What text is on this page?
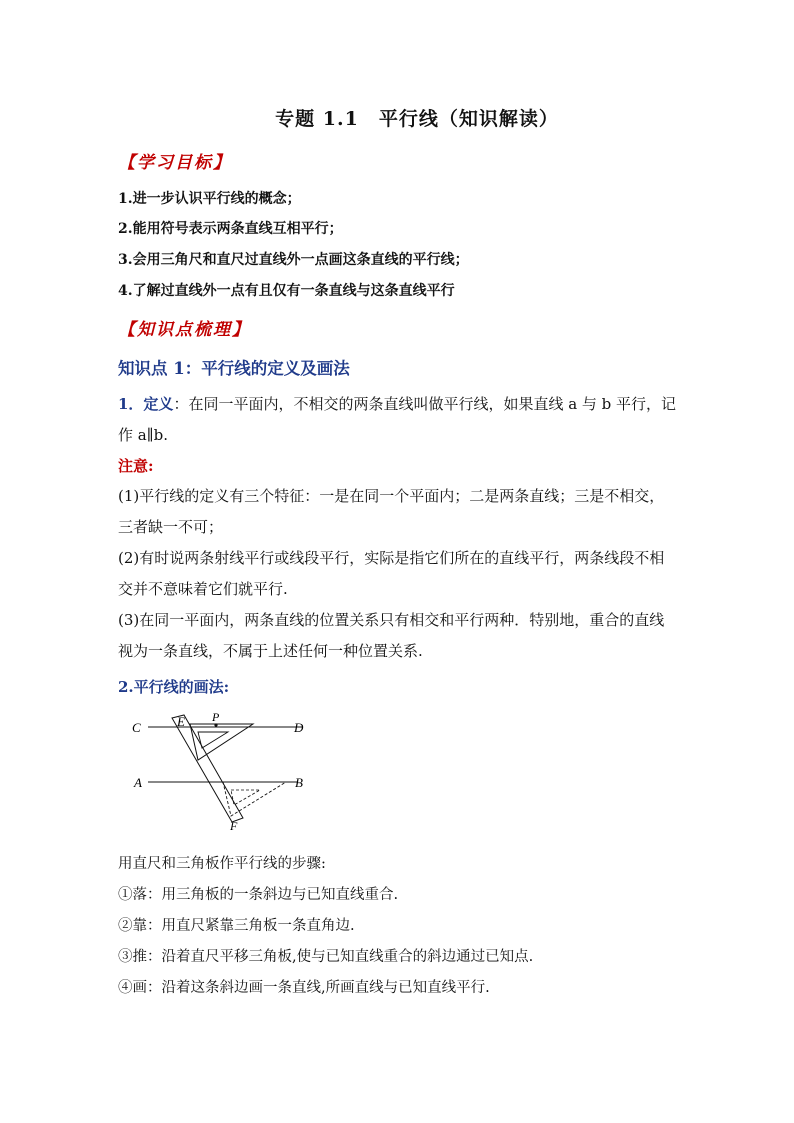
专题 1.1　平行线（知识解读）
【学习目标】
1.进一步认识平行线的概念；
2.能用符号表示两条直线互相平行；
3.会用三角尺和直尺过直线外一点画这条直线的平行线；
4.了解过直线外一点有且仅有一条直线与这条直线平行
【知识点梳理】
知识点 1：平行线的定义及画法
1．定义：在同一平面内，不相交的两条直线叫做平行线，如果直线 a 与 b 平行，记作 a∥b.
注意:
(1)平行线的定义有三个特征：一是在同一个平面内；二是两条直线；三是不相交，三者缺一不可；
(2)有时说两条射线平行或线段平行，实际是指它们所在的直线平行，两条线段不相交并不意味着它们就平行.
(3)在同一平面内，两条直线的位置关系只有相交和平行两种．特别地，重合的直线视为一条直线，不属于上述任何一种位置关系.
2.平行线的画法:
C	E P
D
A	B
F
用直尺和三角板作平行线的步骤:
①落：用三角板的一条斜边与已知直线重合.
②靠：用直尺紧靠三角板一条直角边.
③推：沿着直尺平移三角板,使与已知直线重合的斜边通过已知点.
④画：沿着这条斜边画一条直线,所画直线与已知直线平行.
